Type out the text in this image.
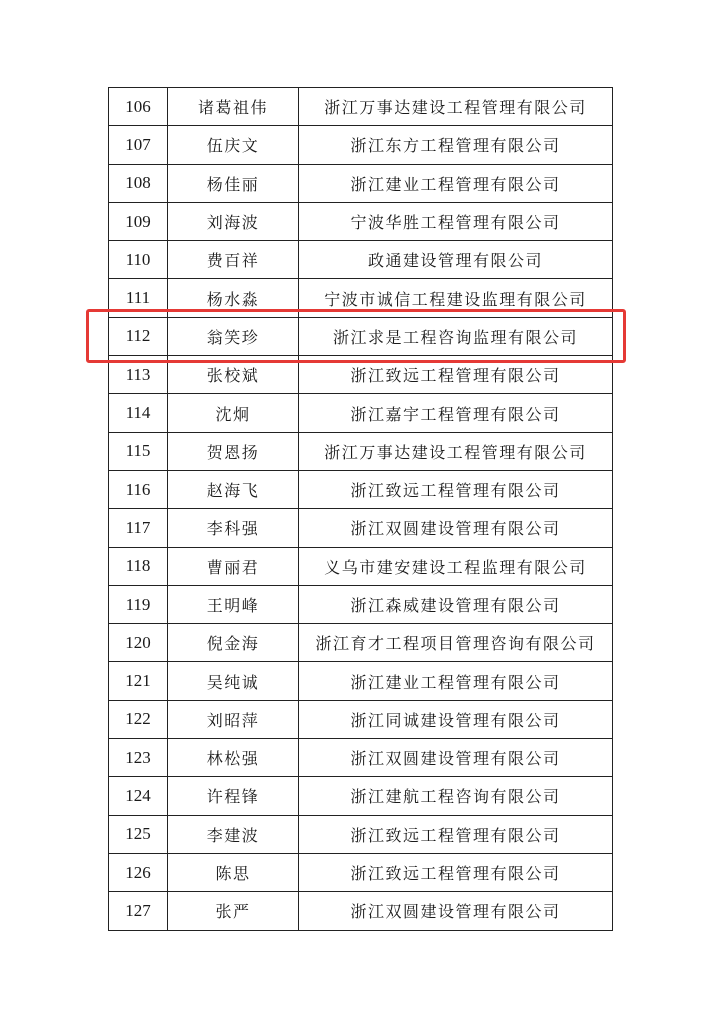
106	诸葛祖伟	浙江万事达建设工程管理有限公司
107	伍庆文	浙江东方工程管理有限公司
108	杨佳丽	浙江建业工程管理有限公司
109	刘海波	宁波华胜工程管理有限公司
110	费百祥	政通建设管理有限公司
111	杨水淼	宁波市诚信工程建设监理有限公司
112	翁笑珍	浙江求是工程咨询监理有限公司
113	张校斌	浙江致远工程管理有限公司
114	沈炯	浙江嘉宇工程管理有限公司
115	贺恩扬	浙江万事达建设工程管理有限公司
116	赵海飞	浙江致远工程管理有限公司
117	李科强	浙江双圆建设管理有限公司
118	曹丽君	义乌市建安建设工程监理有限公司
119	王明峰	浙江森威建设管理有限公司
120	倪金海	浙江育才工程项目管理咨询有限公司
121	吴纯诚	浙江建业工程管理有限公司
122	刘昭萍	浙江同诚建设管理有限公司
123	林松强	浙江双圆建设管理有限公司
124	许程锋	浙江建航工程咨询有限公司
125	李建波	浙江致远工程管理有限公司
126	陈思	浙江致远工程管理有限公司
127	张严	浙江双圆建设管理有限公司
